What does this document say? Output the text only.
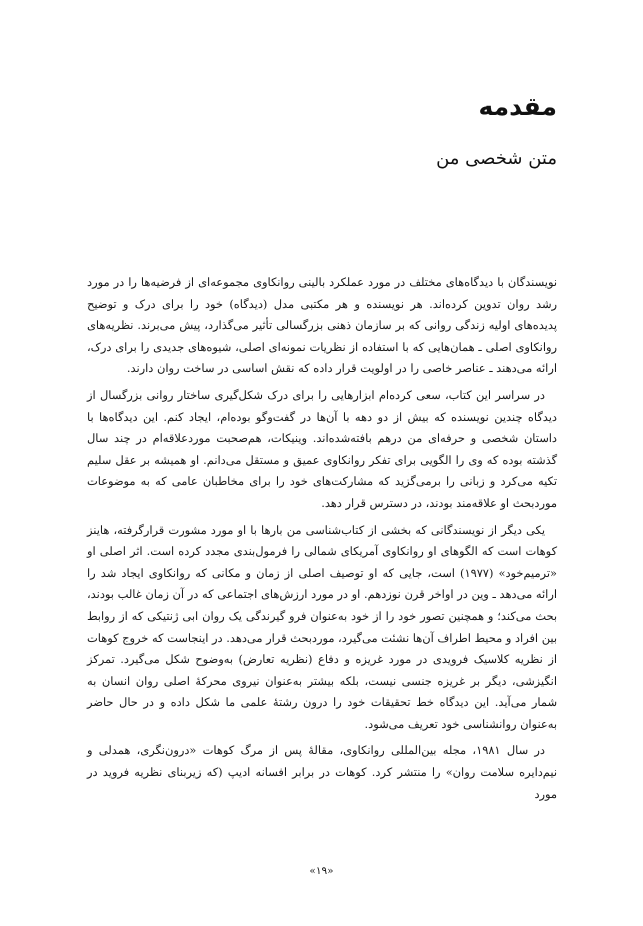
مقدمه
متن شخصی من

نویسندگان با دیدگاه‌های مختلف در مورد عملکرد بالینی روانکاوی مجموعه‌ای از فرضیه‌ها را در مورد رشد روان تدوین کرده‌اند. هر نویسنده و هر مکتبی مدل (دیدگاه) خود را برای درک و توضیح پدیده‌های اولیه زندگی روانی که بر سازمان ذهنی بزرگسالی تأثیر می‌گذارد، پیش می‌برند. نظریه‌های روانکاوی اصلی ـ همان‌هایی که با استفاده از نظریات نمونه‌ای اصلی، شیوه‌های جدیدی را برای درک، ارائه می‌دهند ـ عناصر خاصی را در اولویت قرار داده که نقش اساسی در ساخت روان دارند.

در سراسر این کتاب، سعی کرده‌ام ابزارهایی را برای درک شکل‌گیری ساختار روانی بزرگسال از دیدگاه چندین نویسنده که بیش از دو دهه با آن‌ها در گفت‌وگو بوده‌ام، ایجاد کنم. این دیدگاه‌ها با داستان شخصی و حرفه‌ای من درهم بافته‌شده‌اند. وینیکات، هم‌صحبت موردعلاقه‌ام در چند سال گذشته بوده که وی را الگویی برای تفکر روانکاوی عمیق و مستقل می‌دانم. او همیشه بر عقل سلیم تکیه می‌کرد و زبانی را برمی‌گزید که مشارکت‌های خود را برای مخاطبان عامی که به موضوعات موردبحث او علاقه‌مند بودند، در دسترس قرار دهد.

یکی دیگر از نویسندگانی که بخشی از کتاب‌شناسی من بارها با او مورد مشورت قرارگرفته، هاینز کوهات است که الگوهای او روانکاوی آمریکای شمالی را فرمول‌بندی مجدد کرده است. اثر اصلی او «ترمیم‌خود» (۱۹۷۷) است، جایی که او توصیف اصلی از زمان و مکانی که روانکاوی ایجاد شد را ارائه می‌دهد ـ وین در اواخر قرن نوزدهم. او در مورد ارزش‌های اجتماعی که در آن زمان غالب بودند، بحث می‌کند؛ و همچنین تصور خود را از خود به‌عنوان فرو گیرندگی یک روان ابی ژنتیکی که از روابط بین افراد و محیط اطراف آن‌ها نشئت می‌گیرد، موردبحث قرار می‌دهد. در اینجاست که خروج کوهات از نظریه کلاسیک فرویدی در مورد غریزه و دفاع (نظریه تعارض) به‌وضوح شکل می‌گیرد. تمرکز انگیزشی، دیگر بر غریزه جنسی نیست، بلکه بیشتر به‌عنوان نیروی محرکهٔ اصلی روان انسان به شمار می‌آید. این دیدگاه خط تحقیقات خود را درون رشتهٔ علمی ما شکل داده و در حال حاضر به‌عنوان روانشناسی خود تعریف می‌شود.

در سال ۱۹۸۱، مجله بین‌المللی روانکاوی، مقالهٔ پس از مرگ کوهات «درون‌نگری، همدلی و نیم‌دایره سلامت روان» را منتشر کرد. کوهات در برابر افسانه ادیپ (که زیربنای نظریه فروید در مورد

«۱۹»
